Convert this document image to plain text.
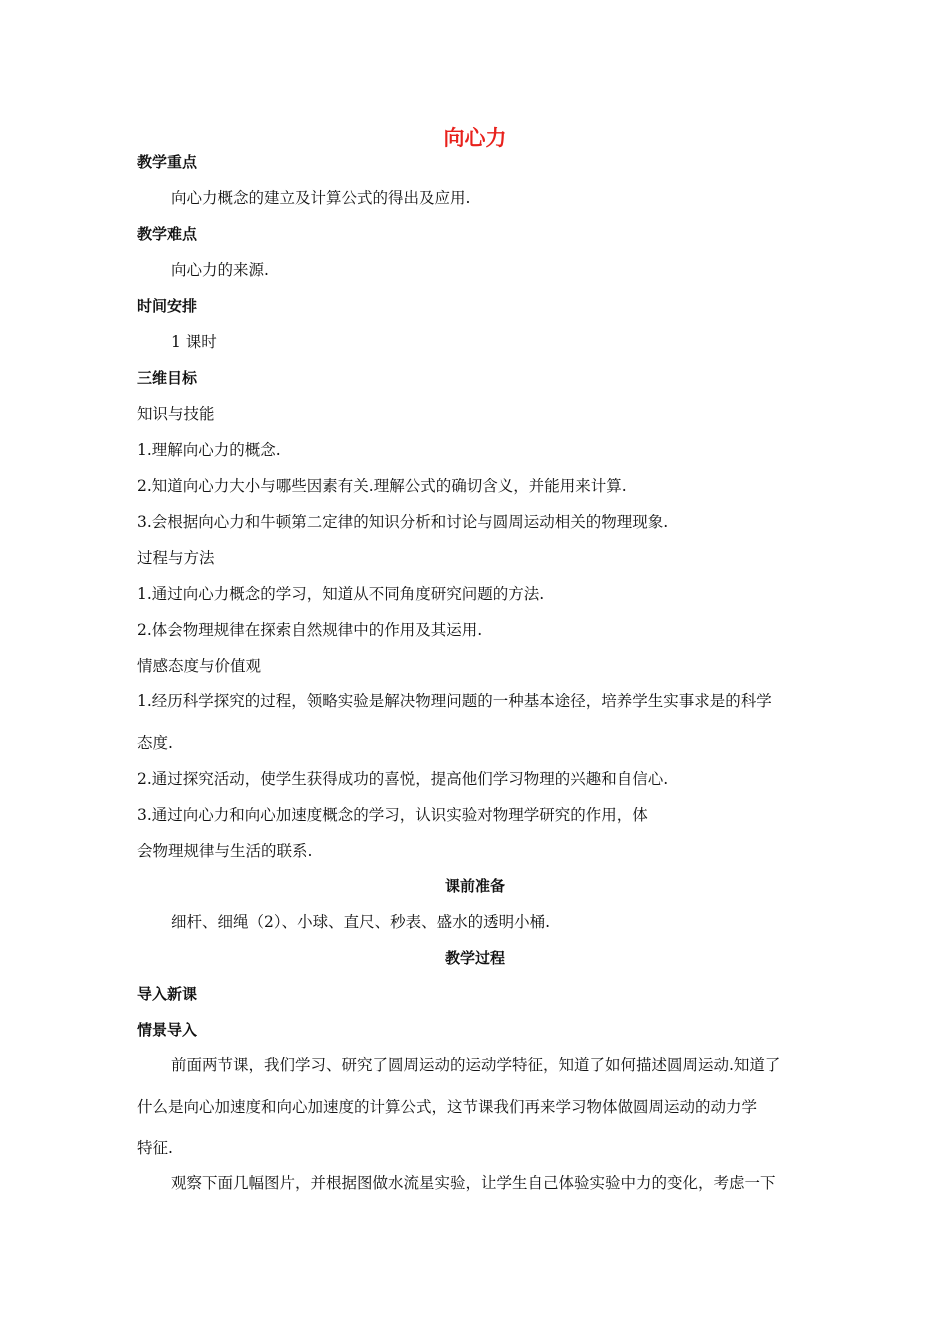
向心力
教学重点
向心力概念的建立及计算公式的得出及应用.
教学难点
向心力的来源.
时间安排
1 课时
三维目标
知识与技能
1.理解向心力的概念.
2.知道向心力大小与哪些因素有关.理解公式的确切含义，并能用来计算.
3.会根据向心力和牛顿第二定律的知识分析和讨论与圆周运动相关的物理现象.
过程与方法
1.通过向心力概念的学习，知道从不同角度研究问题的方法.
2.体会物理规律在探索自然规律中的作用及其运用.
情感态度与价值观
1.经历科学探究的过程，领略实验是解决物理问题的一种基本途径，培养学生实事求是的科学
态度.
2.通过探究活动，使学生获得成功的喜悦，提高他们学习物理的兴趣和自信心.
3.通过向心力和向心加速度概念的学习，认识实验对物理学研究的作用，体
会物理规律与生活的联系.
课前准备
细杆、细绳（2）、小球、直尺、秒表、盛水的透明小桶.
教学过程
导入新课
情景导入
前面两节课，我们学习、研究了圆周运动的运动学特征，知道了如何描述圆周运动.知道了
什么是向心加速度和向心加速度的计算公式，这节课我们再来学习物体做圆周运动的动力学
特征.
观察下面几幅图片，并根据图做水流星实验，让学生自己体验实验中力的变化，考虑一下
